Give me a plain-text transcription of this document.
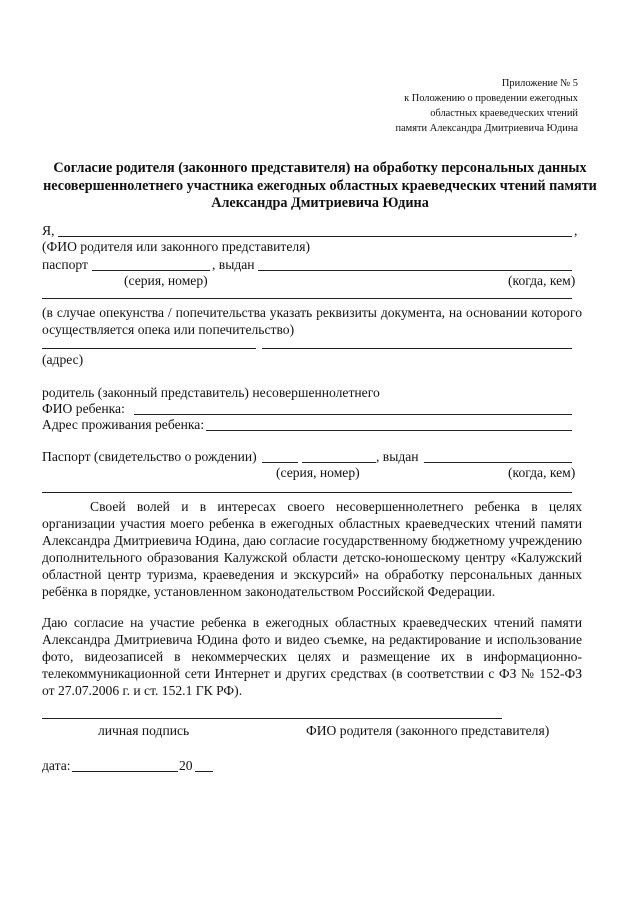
Приложение № 5
к Положению о проведении ежегодных
областных краеведческих чтений
памяти Александра Дмитриевича Юдина
Согласие родителя (законного представителя) на обработку персональных данных
несовершеннолетнего участника ежегодных областных краеведческих чтений памяти
Александра Дмитриевича Юдина
Я,	,
(ФИО родителя или законного представителя)
паспорт	, выдан
(серия, номер)	(когда, кем)
(в случае опекунства / попечительства указать реквизиты документа, на основании которого осуществляется опека или попечительство)
(адрес)
родитель (законный представитель) несовершеннолетнего
ФИО ребенка:
Адрес проживания ребенка:
Паспорт (свидетельство о рождении)	, выдан
(серия, номер)	(когда, кем)
Своей волей и в интересах своего несовершеннолетнего ребенка в целях организации участия моего ребенка в ежегодных областных краеведческих чтений памяти Александра Дмитриевича Юдина, даю согласие государственному бюджетному учреждению дополнительного образования Калужской области детско-юношескому центру «Калужский областной центр туризма, краеведения и экскурсий» на обработку персональных данных ребёнка в порядке, установленном законодательством Российской Федерации.
Даю согласие на участие ребенка в ежегодных областных краеведческих чтений памяти Александра Дмитриевича Юдина фото и видео съемке, на редактирование и использование фото, видеозаписей в некоммерческих целях и размещение их в информационно-телекоммуникационной сети Интернет и других средствах (в соответствии с ФЗ № 152-ФЗ от 27.07.2006 г. и ст. 152.1 ГК РФ).
личная подпись	ФИО родителя (законного представителя)
дата:	20
